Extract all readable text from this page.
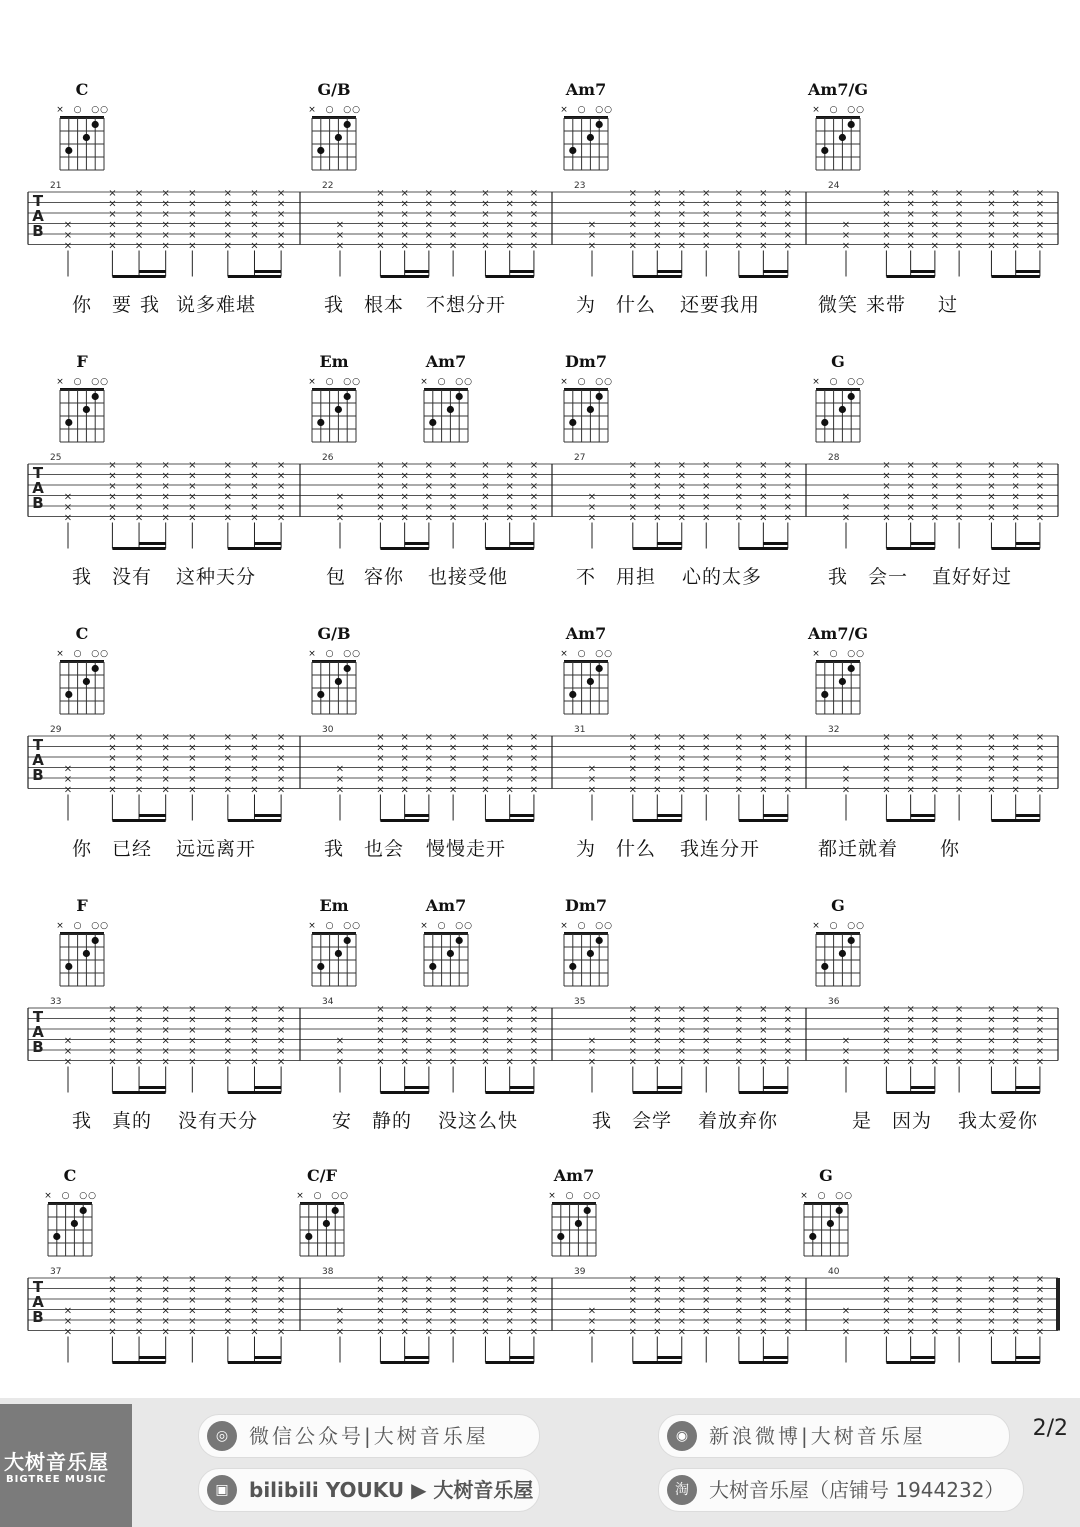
C
× ○ ○ ○
G/B
× ○ ○ ○
Am7
× ○ ○ ○
Am7/G
× ○ ○ ○
T
A
B
21	22	23	24
×
×
×
×
×
×
×
×
×
×
×
×
×
×
×
×
×
×
×
×
×
×
×
×
×
×
×
×
×
×
×
×
×
×
×
×
×
×
×
×
×
×
×
×
×
×
×
×
×
×
×
×
×
×
×
×
×
×
×
×
×
×
×
×
×
×
×
×
×
×
×
×
×
×
×
×
×
×
×
×
×
×
×
×
×
×
×
×
×
×
×
×
×
×
×
×
×
×
×
×
×
×
×
×
×
×
×
×
×
×
×
×
×
×
×
×
×
×
×
×
×
×
×
×
×
×
×
×
×
×
×
×
×
×
×
×
×
×
×
×
×
×
×
×
×
×
×
×
×
×
×
×
×
×
×
×
×
×
×
×
×
×
×
×
×
×
×
×
×
×
×
×
×
×
×
×
×
×
×
×
你 要 我 说多难堪	我 根本 不想分开	为 什么 还要我用	微笑 来带 过
F
× ○ ○ ○
Em
× ○ ○ ○
Am7
× ○ ○ ○
Dm7
× ○ ○ ○
G
× ○ ○ ○
T
A
B
25	26	27	28
×
×
×
×
×
×
×
×
×
×
×
×
×
×
×
×
×
×
×
×
×
×
×
×
×
×
×
×
×
×
×
×
×
×
×
×
×
×
×
×
×
×
×
×
×
×
×
×
×
×
×
×
×
×
×
×
×
×
×
×
×
×
×
×
×
×
×
×
×
×
×
×
×
×
×
×
×
×
×
×
×
×
×
×
×
×
×
×
×
×
×
×
×
×
×
×
×
×
×
×
×
×
×
×
×
×
×
×
×
×
×
×
×
×
×
×
×
×
×
×
×
×
×
×
×
×
×
×
×
×
×
×
×
×
×
×
×
×
×
×
×
×
×
×
×
×
×
×
×
×
×
×
×
×
×
×
×
×
×
×
×
×
×
×
×
×
×
×
×
×
×
×
×
×
×
×
×
×
×
×
我 没有 这种天分	包 容你 也接受他	不 用担 心的太多	我 会一 直好好过
C
× ○ ○ ○
G/B
× ○ ○ ○
Am7
× ○ ○ ○
Am7/G
× ○ ○ ○
T
A
B
29	30	31	32
×
×
×
×
×
×
×
×
×
×
×
×
×
×
×
×
×
×
×
×
×
×
×
×
×
×
×
×
×
×
×
×
×
×
×
×
×
×
×
×
×
×
×
×
×
×
×
×
×
×
×
×
×
×
×
×
×
×
×
×
×
×
×
×
×
×
×
×
×
×
×
×
×
×
×
×
×
×
×
×
×
×
×
×
×
×
×
×
×
×
×
×
×
×
×
×
×
×
×
×
×
×
×
×
×
×
×
×
×
×
×
×
×
×
×
×
×
×
×
×
×
×
×
×
×
×
×
×
×
×
×
×
×
×
×
×
×
×
×
×
×
×
×
×
×
×
×
×
×
×
×
×
×
×
×
×
×
×
×
×
×
×
×
×
×
×
×
×
×
×
×
×
×
×
×
×
×
×
×
×
你 已经 远远离开	我 也会 慢慢走开	为 什么 我连分开	都迁就着 你
F
× ○ ○ ○
Em
× ○ ○ ○
Am7
× ○ ○ ○
Dm7
× ○ ○ ○
G
× ○ ○ ○
T
A
B
33	34	35	36
×
×
×
×
×
×
×
×
×
×
×
×
×
×
×
×
×
×
×
×
×
×
×
×
×
×
×
×
×
×
×
×
×
×
×
×
×
×
×
×
×
×
×
×
×
×
×
×
×
×
×
×
×
×
×
×
×
×
×
×
×
×
×
×
×
×
×
×
×
×
×
×
×
×
×
×
×
×
×
×
×
×
×
×
×
×
×
×
×
×
×
×
×
×
×
×
×
×
×
×
×
×
×
×
×
×
×
×
×
×
×
×
×
×
×
×
×
×
×
×
×
×
×
×
×
×
×
×
×
×
×
×
×
×
×
×
×
×
×
×
×
×
×
×
×
×
×
×
×
×
×
×
×
×
×
×
×
×
×
×
×
×
×
×
×
×
×
×
×
×
×
×
×
×
×
×
×
×
×
×
我 真的 没有天分	安 静的 没这么快	我 会学 着放弃你	是 因为 我太爱你
C
× ○ ○ ○
C/F
× ○ ○ ○
Am7
× ○ ○ ○
G
× ○ ○ ○
T
A
B
37	38	39	40
×
×
×
×
×
×
×
×
×
×
×
×
×
×
×
×
×
×
×
×
×
×
×
×
×
×
×
×
×
×
×
×
×
×
×
×
×
×
×
×
×
×
×
×
×
×
×
×
×
×
×
×
×
×
×
×
×
×
×
×
×
×
×
×
×
×
×
×
×
×
×
×
×
×
×
×
×
×
×
×
×
×
×
×
×
×
×
×
×
×
×
×
×
×
×
×
×
×
×
×
×
×
×
×
×
×
×
×
×
×
×
×
×
×
×
×
×
×
×
×
×
×
×
×
×
×
×
×
×
×
×
×
×
×
×
×
×
×
×
×
×
×
×
×
×
×
×
×
×
×
×
×
×
×
×
×
×
×
×
×
×
×
×
×
×
×
×
×
×
×
×
×
×
×
×
×
×
×
×
×
大树音乐屋
BIGTREE MUSIC
◎	微信公众号|大树音乐屋	◉	新浪微博|大树音乐屋
▣	bilibili YOUKU ▶ 大树音乐屋	淘	大树音乐屋（店铺号 1944232）
2/2
